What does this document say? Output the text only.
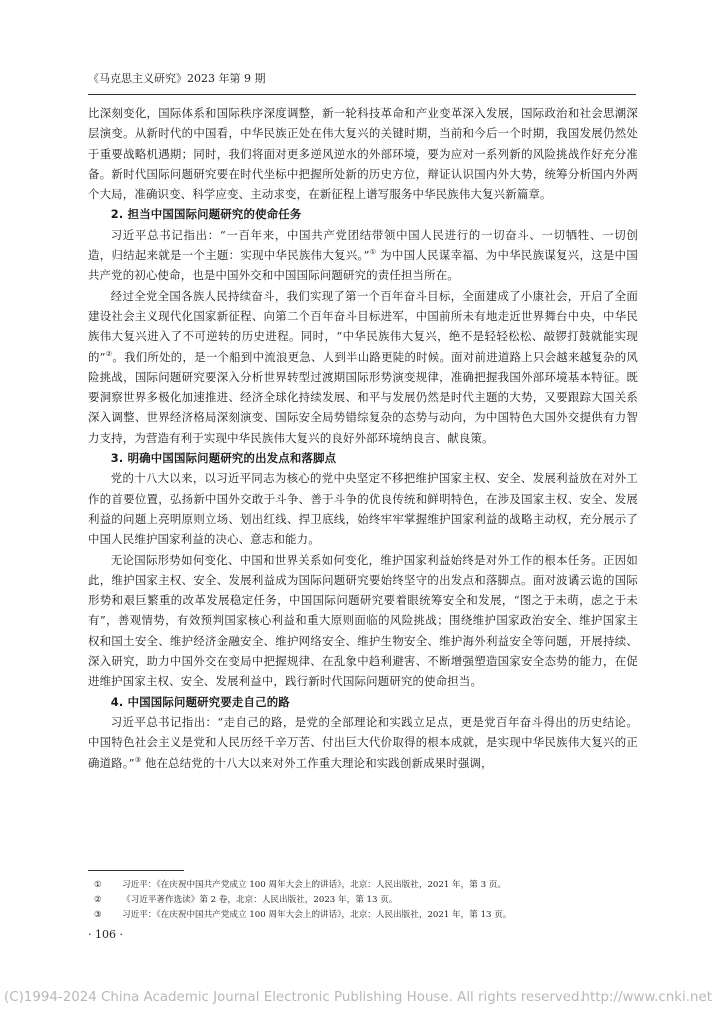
《马克思主义研究》2023 年第 9 期

比深刻变化，国际体系和国际秩序深度调整，新一轮科技革命和产业变革深入发展，国际政治和社会思潮深层演变。从新时代的中国看，中华民族正处在伟大复兴的关键时期，当前和今后一个时期，我国发展仍然处于重要战略机遇期；同时，我们将面对更多逆风逆水的外部环境，要为应对一系列新的风险挑战作好充分准备。新时代国际问题研究要在时代坐标中把握所处新的历史方位，辩证认识国内外大势，统筹分析国内外两个大局，准确识变、科学应变、主动求变，在新征程上谱写服务中华民族伟大复兴新篇章。

2. 担当中国国际问题研究的使命任务

习近平总书记指出：“一百年来，中国共产党团结带领中国人民进行的一切奋斗、一切牺牲、一切创造，归结起来就是一个主题：实现中华民族伟大复兴。”① 为中国人民谋幸福、为中华民族谋复兴，这是中国共产党的初心使命，也是中国外交和中国国际问题研究的责任担当所在。

经过全党全国各族人民持续奋斗，我们实现了第一个百年奋斗目标，全面建成了小康社会，开启了全面建设社会主义现代化国家新征程、向第二个百年奋斗目标进军，中国前所未有地走近世界舞台中央，中华民族伟大复兴进入了不可逆转的历史进程。同时，“中华民族伟大复兴，绝不是轻轻松松、敲锣打鼓就能实现的”②。我们所处的，是一个船到中流浪更急、人到半山路更陡的时候。面对前进道路上只会越来越复杂的风险挑战，国际问题研究要深入分析世界转型过渡期国际形势演变规律，准确把握我国外部环境基本特征。既要洞察世界多极化加速推进、经济全球化持续发展、和平与发展仍然是时代主题的大势，又要跟踪大国关系深入调整、世界经济格局深刻演变、国际安全局势错综复杂的态势与动向，为中国特色大国外交提供有力智力支持，为营造有利于实现中华民族伟大复兴的良好外部环境纳良言、献良策。

3. 明确中国国际问题研究的出发点和落脚点

党的十八大以来，以习近平同志为核心的党中央坚定不移把维护国家主权、安全、发展利益放在对外工作的首要位置，弘扬新中国外交敢于斗争、善于斗争的优良传统和鲜明特色，在涉及国家主权、安全、发展利益的问题上亮明原则立场、划出红线、捍卫底线，始终牢牢掌握维护国家利益的战略主动权，充分展示了中国人民维护国家利益的决心、意志和能力。

无论国际形势如何变化、中国和世界关系如何变化，维护国家利益始终是对外工作的根本任务。正因如此，维护国家主权、安全、发展利益成为国际问题研究要始终坚守的出发点和落脚点。面对波谲云诡的国际形势和艰巨繁重的改革发展稳定任务，中国国际问题研究要着眼统筹安全和发展，“图之于未萌，虑之于未有”，善观情势，有效预判国家核心利益和重大原则面临的风险挑战；围绕维护国家政治安全、维护国家主权和国土安全、维护经济金融安全、维护网络安全、维护生物安全、维护海外利益安全等问题，开展持续、深入研究，助力中国外交在变局中把握规律、在乱象中趋利避害、不断增强塑造国家安全态势的能力，在促进维护国家主权、安全、发展利益中，践行新时代国际问题研究的使命担当。

4. 中国国际问题研究要走自己的路

习近平总书记指出：“走自己的路，是党的全部理论和实践立足点，更是党百年奋斗得出的历史结论。中国特色社会主义是党和人民历经千辛万苦、付出巨大代价取得的根本成就，是实现中华民族伟大复兴的正确道路。”③ 他在总结党的十八大以来对外工作重大理论和实践创新成果时强调，

①	习近平：《在庆祝中国共产党成立 100 周年大会上的讲话》，北京：人民出版社，2021 年，第 3 页。
②	《习近平著作选读》第 2 卷，北京：人民出版社，2023 年，第 13 页。
③	习近平：《在庆祝中国共产党成立 100 周年大会上的讲话》，北京：人民出版社，2021 年，第 13 页。
· 106 ·
(C)1994-2024 China Academic Journal Electronic Publishing House. All rights reserved.
http://www.cnki.net
